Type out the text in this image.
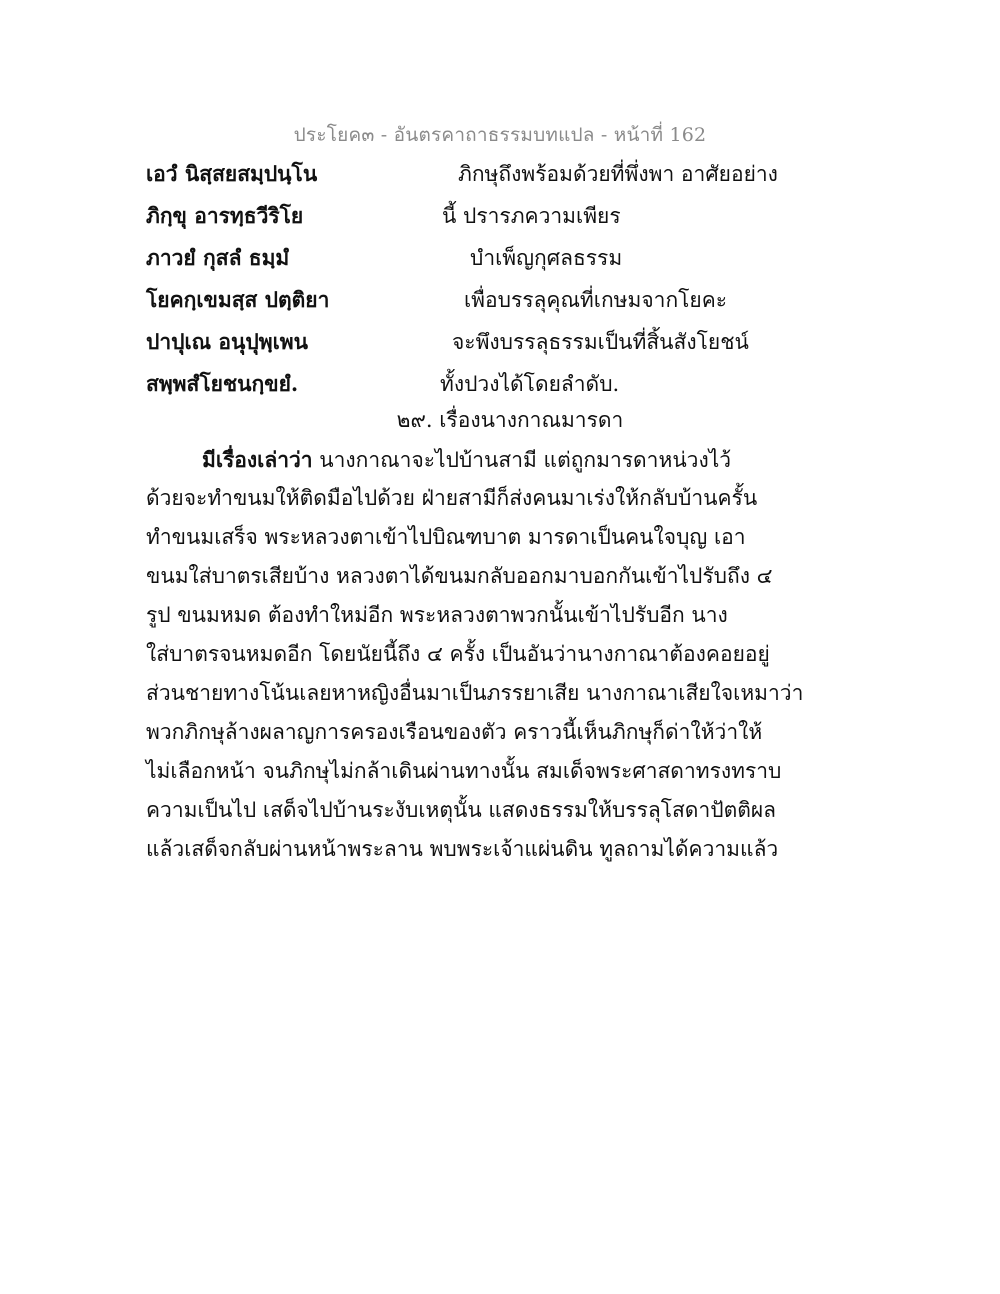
ประโยค๓ - อันตรคาถาธรรมบทแปล - หน้าที่ 162
เอวํ นิสฺสยสมฺปนฺโน	ภิกษุถึงพร้อมด้วยที่พึ่งพา อาศัยอย่าง
ภิกฺขุ อารทฺธวีริโย	นี้ ปรารภความเพียร
ภาวยํ กุสลํ ธมฺมํ	บำเพ็ญกุศลธรรม
โยคกฺเขมสฺส ปตฺติยา	เพื่อบรรลุคุณที่เกษมจากโยคะ
ปาปุเณ อนุปุพฺเพน	จะพึงบรรลุธรรมเป็นที่สิ้นสังโยชน์
สพฺพสํโยชนกฺขยํ.	ทั้งปวงได้โดยลำดับ.
๒๙. เรื่องนางกาณมารดา
มีเรื่องเล่าว่า นางกาณาจะไปบ้านสามี แต่ถูกมารดาหน่วงไว้
ด้วยจะทำขนมให้ติดมือไปด้วย ฝ่ายสามีก็ส่งคนมาเร่งให้กลับบ้านครั้น
ทำขนมเสร็จ พระหลวงตาเข้าไปบิณฑบาต มารดาเป็นคนใจบุญ เอา
ขนมใส่บาตรเสียบ้าง หลวงตาได้ขนมกลับออกมาบอกกันเข้าไปรับถึง ๔
รูป ขนมหมด ต้องทำใหม่อีก พระหลวงตาพวกนั้นเข้าไปรับอีก นาง
ใส่บาตรจนหมดอีก โดยนัยนี้ถึง ๔ ครั้ง เป็นอันว่านางกาณาต้องคอยอยู่
ส่วนชายทางโน้นเลยหาหญิงอื่นมาเป็นภรรยาเสีย นางกาณาเสียใจเหมาว่า
พวกภิกษุล้างผลาญการครองเรือนของตัว คราวนี้เห็นภิกษุก็ด่าให้ว่าให้
ไม่เลือกหน้า จนภิกษุไม่กล้าเดินผ่านทางนั้น สมเด็จพระศาสดาทรงทราบ
ความเป็นไป เสด็จไปบ้านระงับเหตุนั้น แสดงธรรมให้บรรลุโสดาปัตติผล
แล้วเสด็จกลับผ่านหน้าพระลาน พบพระเจ้าแผ่นดิน ทูลถามได้ความแล้ว
